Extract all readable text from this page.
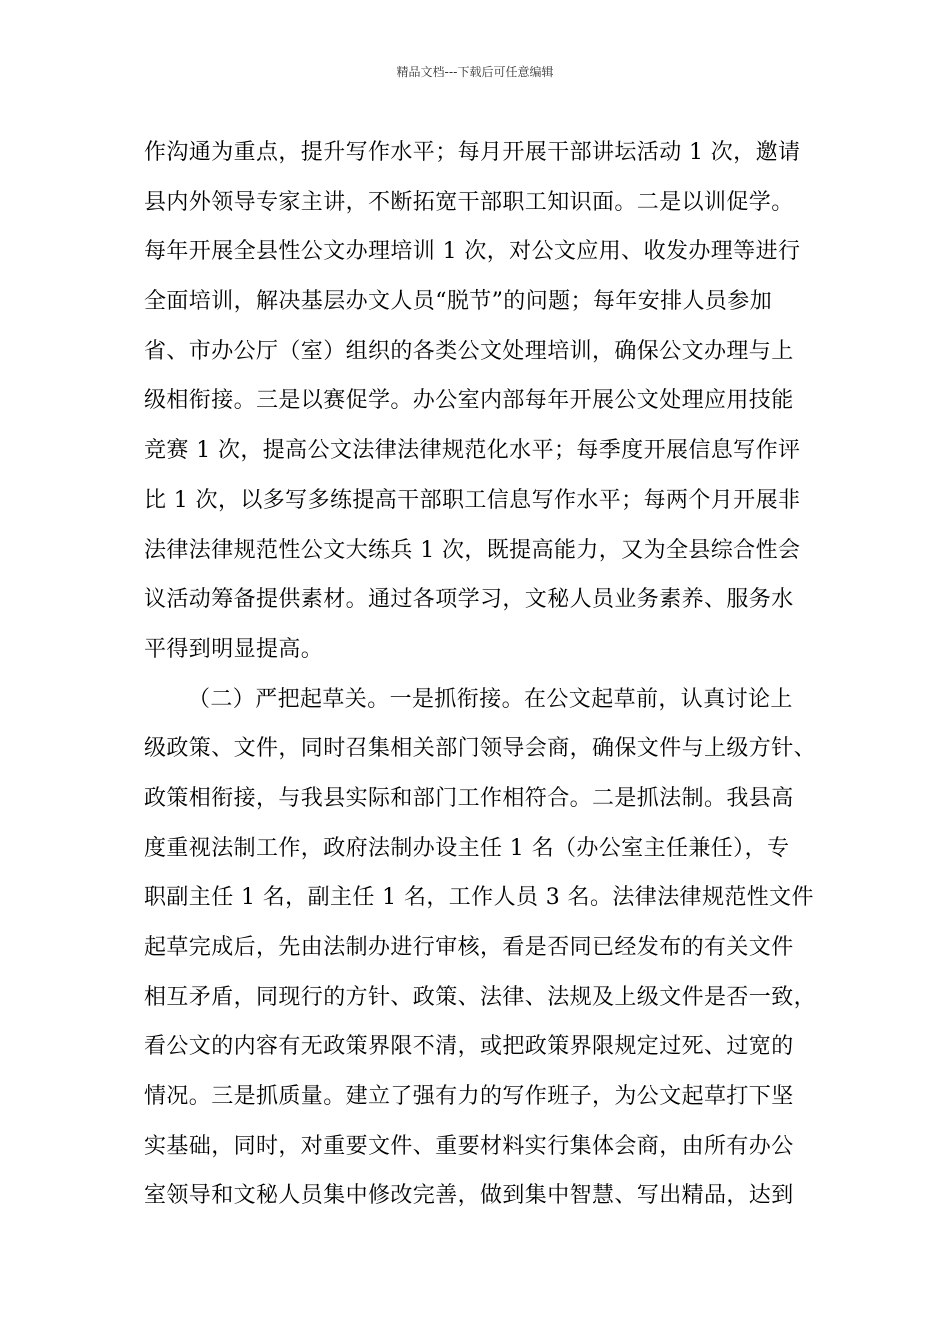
精品文档---下载后可任意编辑
作沟通为重点，提升写作水平；每月开展干部讲坛活动 1 次，邀请
县内外领导专家主讲，不断拓宽干部职工知识面。二是以训促学。
每年开展全县性公文办理培训 1 次，对公文应用、收发办理等进行
全面培训，解决基层办文人员“脱节”的问题；每年安排人员参加
省、市办公厅（室）组织的各类公文处理培训，确保公文办理与上
级相衔接。三是以赛促学。办公室内部每年开展公文处理应用技能
竞赛 1 次，提高公文法律法律规范化水平；每季度开展信息写作评
比 1 次，以多写多练提高干部职工信息写作水平；每两个月开展非
法律法律规范性公文大练兵 1 次，既提高能力，又为全县综合性会
议活动筹备提供素材。通过各项学习，文秘人员业务素养、服务水
平得到明显提高。
（二）严把起草关。一是抓衔接。在公文起草前，认真讨论上
级政策、文件，同时召集相关部门领导会商，确保文件与上级方针、
政策相衔接，与我县实际和部门工作相符合。二是抓法制。我县高
度重视法制工作，政府法制办设主任 1 名（办公室主任兼任），专
职副主任 1 名，副主任 1 名，工作人员 3 名。法律法律规范性文件
起草完成后，先由法制办进行审核，看是否同已经发布的有关文件
相互矛盾，同现行的方针、政策、法律、法规及上级文件是否一致，
看公文的内容有无政策界限不清，或把政策界限规定过死、过宽的
情况。三是抓质量。建立了强有力的写作班子，为公文起草打下坚
实基础，同时，对重要文件、重要材料实行集体会商，由所有办公
室领导和文秘人员集中修改完善，做到集中智慧、写出精品，达到
